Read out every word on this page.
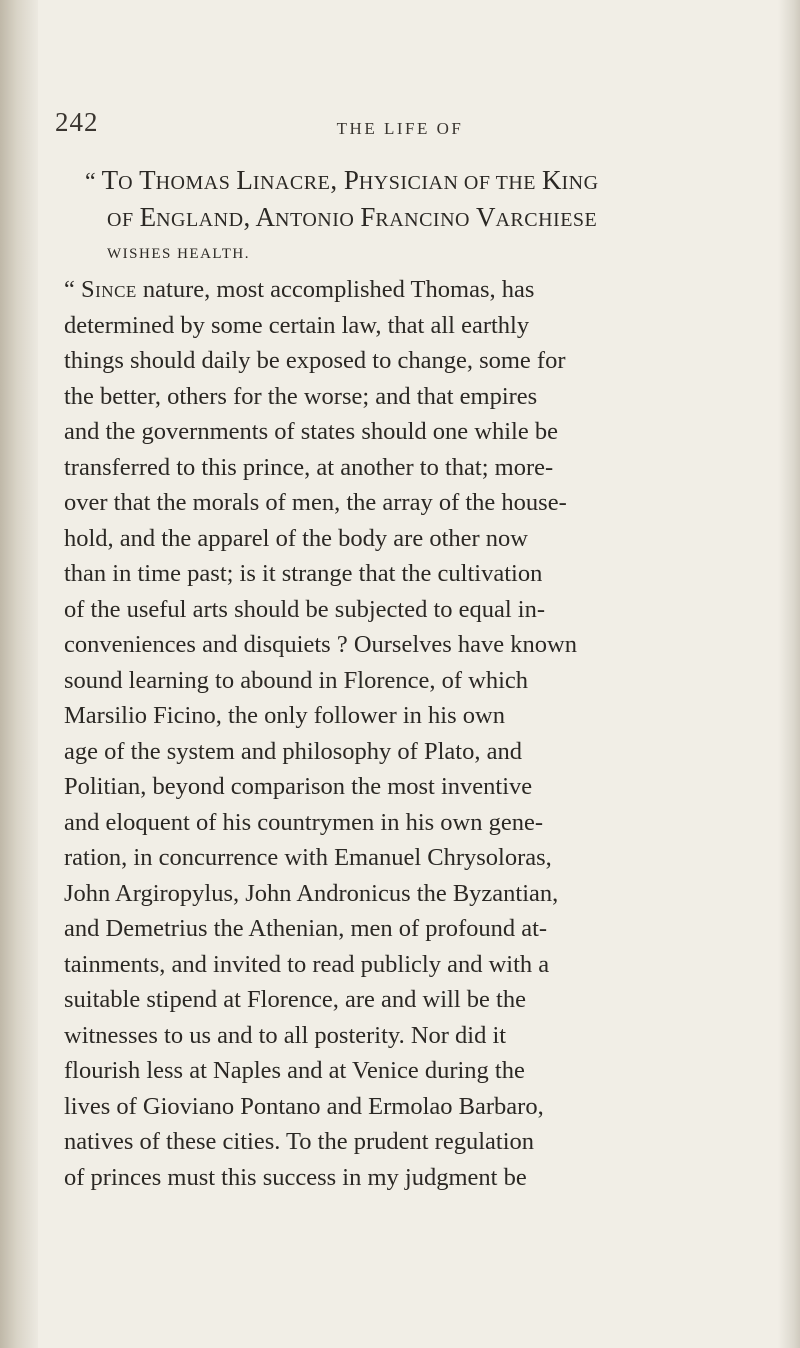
242	THE LIFE OF
“ TO THOMAS LINACRE, PHYSICIAN OF THE KING
OF ENGLAND, ANTONIO FRANCINO VARCHIESE
WISHES HEALTH.
“ Since nature, most accomplished Thomas, has
determined by some certain law, that all earthly
things should daily be exposed to change, some for
the better, others for the worse; and that empires
and the governments of states should one while be
transferred to this prince, at another to that; more-
over that the morals of men, the array of the house-
hold, and the apparel of the body are other now
than in time past; is it strange that the cultivation
of the useful arts should be subjected to equal in-
conveniences and disquiets ? Ourselves have known
sound learning to abound in Florence, of which
Marsilio Ficino, the only follower in his own
age of the system and philosophy of Plato, and
Politian, beyond comparison the most inventive
and eloquent of his countrymen in his own gene-
ration, in concurrence with Emanuel Chrysoloras,
John Argiropylus, John Andronicus the Byzantian,
and Demetrius the Athenian, men of profound at-
tainments, and invited to read publicly and with a
suitable stipend at Florence, are and will be the
witnesses to us and to all posterity. Nor did it
flourish less at Naples and at Venice during the
lives of Gioviano Pontano and Ermolao Barbaro,
natives of these cities. To the prudent regulation
of princes must this success in my judgment be
